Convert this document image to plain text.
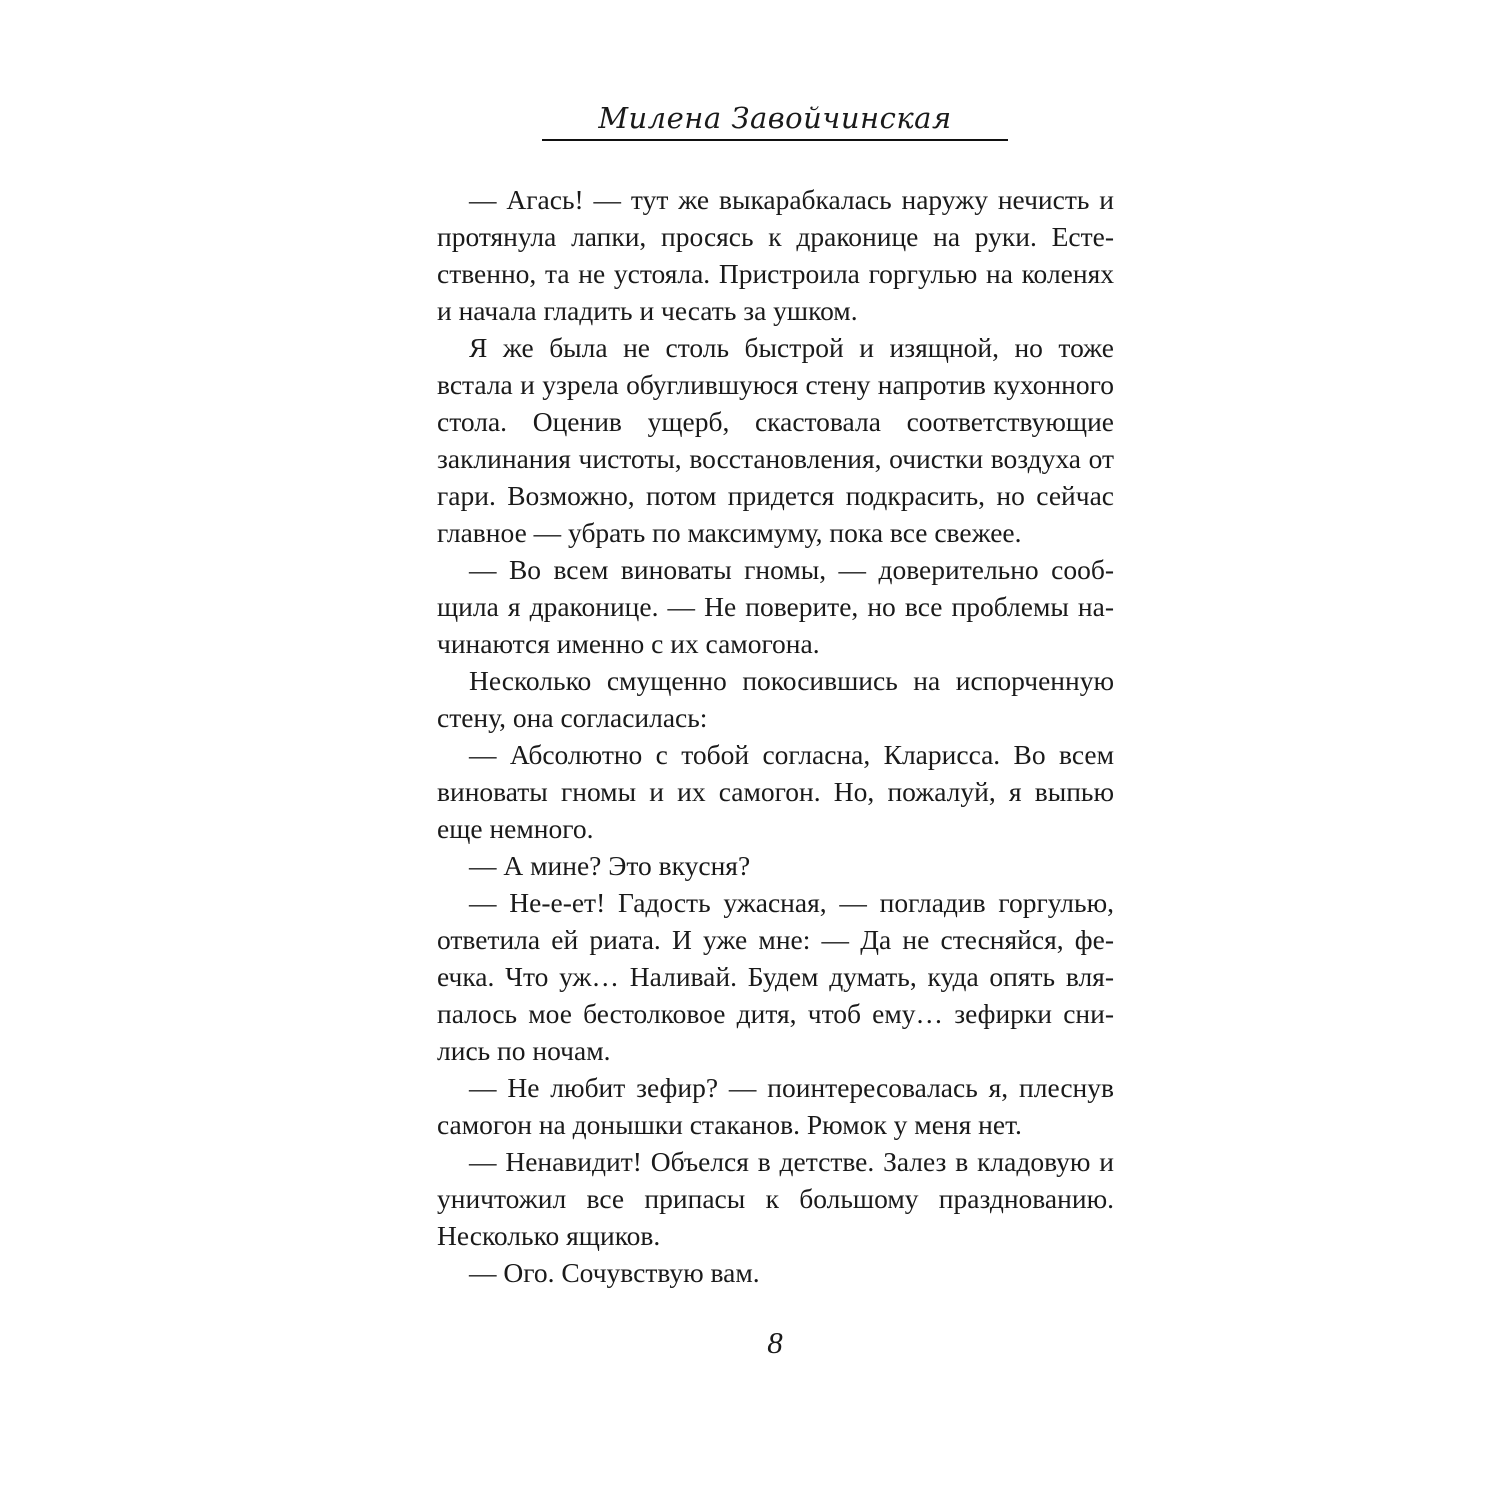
Милена Завойчинская

— Агась! — тут же выкарабкалась наружу нечисть и протянула лапки, просясь к драконице на руки. Естественно, та не устояла. Пристроила горгулью на коленях и начала гладить и чесать за ушком.

Я же была не столь быстрой и изящной, но тоже встала и узрела обуглившуюся стену напротив кухонного стола. Оценив ущерб, скастовала соответствующие заклинания чистоты, восстановления, очистки воздуха от гари. Возможно, потом придется подкрасить, но сейчас главное — убрать по максимуму, пока все свежее.

— Во всем виноваты гномы, — доверительно сообщила я драконице. — Не поверите, но все проблемы начинаются именно с их самогона.

Несколько смущенно покосившись на испорченную стену, она согласилась:

— Абсолютно с тобой согласна, Кларисса. Во всем виноваты гномы и их самогон. Но, пожалуй, я выпью еще немного.

— А мине? Это вкусня?

— Не-е-ет! Гадость ужасная, — погладив горгулью, ответила ей риата. И уже мне: — Да не стесняйся, феечка. Что уж… Наливай. Будем думать, куда опять вляпалось мое бестолковое дитя, чтоб ему… зефирки снились по ночам.

— Не любит зефир? — поинтересовалась я, плеснув самогон на донышки стаканов. Рюмок у меня нет.

— Ненавидит! Объелся в детстве. Залез в кладовую и уничтожил все припасы к большому празднованию. Несколько ящиков.

— Ого. Сочувствую вам.

8
